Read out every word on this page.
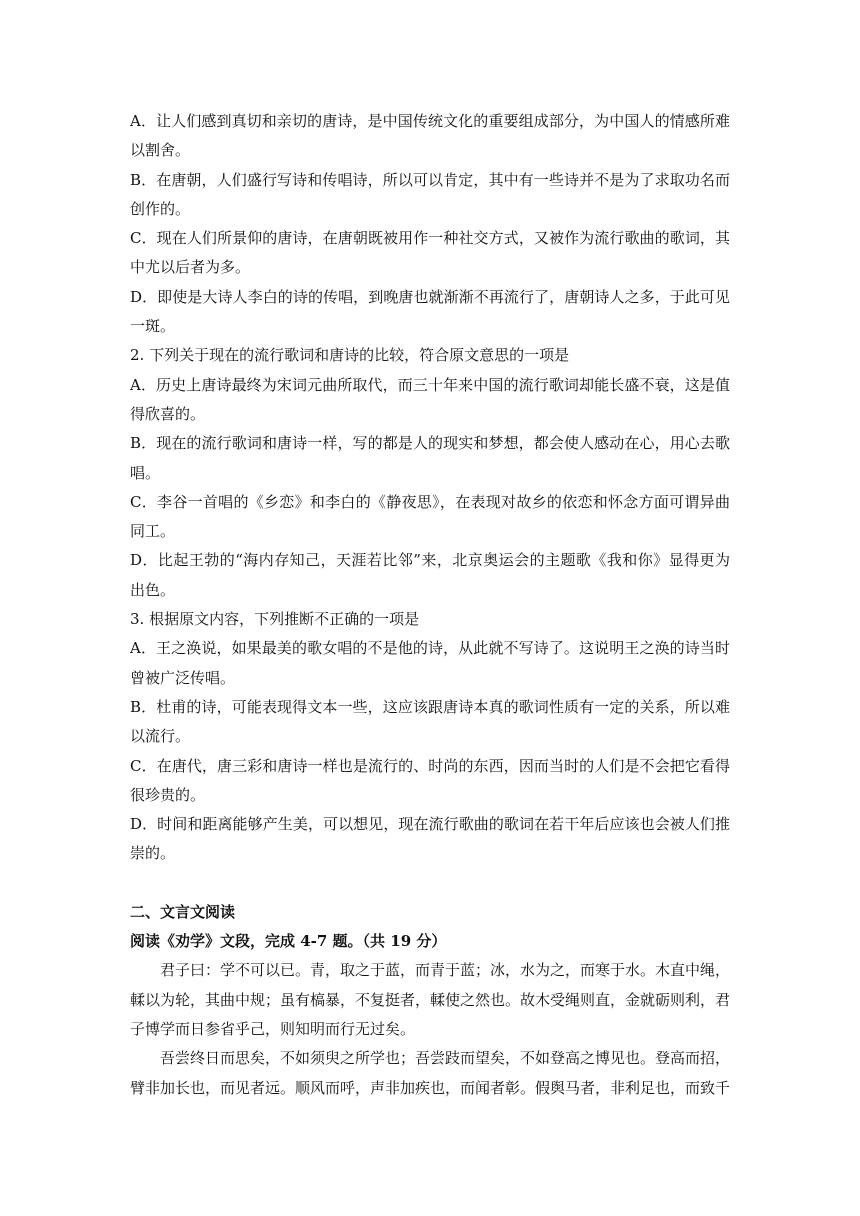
A．让人们感到真切和亲切的唐诗，是中国传统文化的重要组成部分，为中国人的情感所难

以割舍。

B．在唐朝，人们盛行写诗和传唱诗，所以可以肯定，其中有一些诗并不是为了求取功名而

创作的。

C．现在人们所景仰的唐诗，在唐朝既被用作一种社交方式，又被作为流行歌曲的歌词，其

中尤以后者为多。

D．即使是大诗人李白的诗的传唱，到晚唐也就渐渐不再流行了，唐朝诗人之多，于此可见

一斑。

2. 下列关于现在的流行歌词和唐诗的比较，符合原文意思的一项是

A．历史上唐诗最终为宋词元曲所取代，而三十年来中国的流行歌词却能长盛不衰，这是值

得欣喜的。

B．现在的流行歌词和唐诗一样，写的都是人的现实和梦想，都会使人感动在心，用心去歌

唱。

C．李谷一首唱的《乡恋》和李白的《静夜思》，在表现对故乡的依恋和怀念方面可谓异曲

同工。

D．比起王勃的“海内存知己，天涯若比邻”来，北京奥运会的主题歌《我和你》显得更为

出色。

3. 根据原文内容，下列推断不正确的一项是

A．王之涣说，如果最美的歌女唱的不是他的诗，从此就不写诗了。这说明王之涣的诗当时

曾被广泛传唱。

B．杜甫的诗，可能表现得文本一些，这应该跟唐诗本真的歌词性质有一定的关系，所以难

以流行。

C．在唐代，唐三彩和唐诗一样也是流行的、时尚的东西，因而当时的人们是不会把它看得

很珍贵的。

D．时间和距离能够产生美，可以想见，现在流行歌曲的歌词在若干年后应该也会被人们推

崇的。

二、文言文阅读

阅读《劝学》文段，完成 4-7 题。（共 19 分）

君子曰：学不可以已。青，取之于蓝，而青于蓝；冰，水为之，而寒于水。木直中绳，

輮以为轮，其曲中规；虽有槁暴，不复挺者，輮使之然也。故木受绳则直，金就砺则利，君

子博学而日参省乎己，则知明而行无过矣。

吾尝终日而思矣，不如须臾之所学也；吾尝跂而望矣，不如登高之博见也。登高而招，

臂非加长也，而见者远。顺风而呼，声非加疾也，而闻者彰。假舆马者，非利足也，而致千
